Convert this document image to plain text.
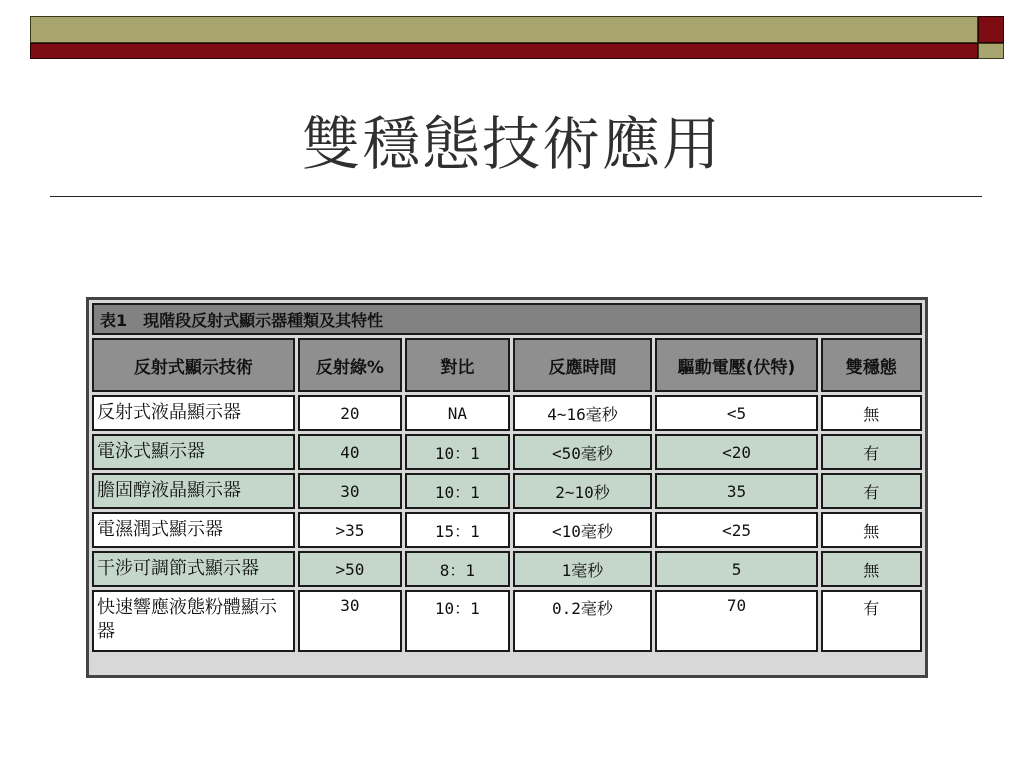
雙穩態技術應用
表1　現階段反射式顯示器種類及其特性					
反射式顯示技術	反射綠%	對比	反應時間	驅動電壓(伏特)	雙穩態
反射式液晶顯示器	20	NA	4~16毫秒	<5	無
電泳式顯示器	40	10：1	<50毫秒	<20	有
膽固醇液晶顯示器	30	10：1	2~10秒	35	有
電濕潤式顯示器	>35	15：1	<10毫秒	<25	無
干涉可調節式顯示器	>50	8：1	1毫秒	5	無
快速響應液態粉體顯示器	30	10：1	0.2毫秒	70	有
